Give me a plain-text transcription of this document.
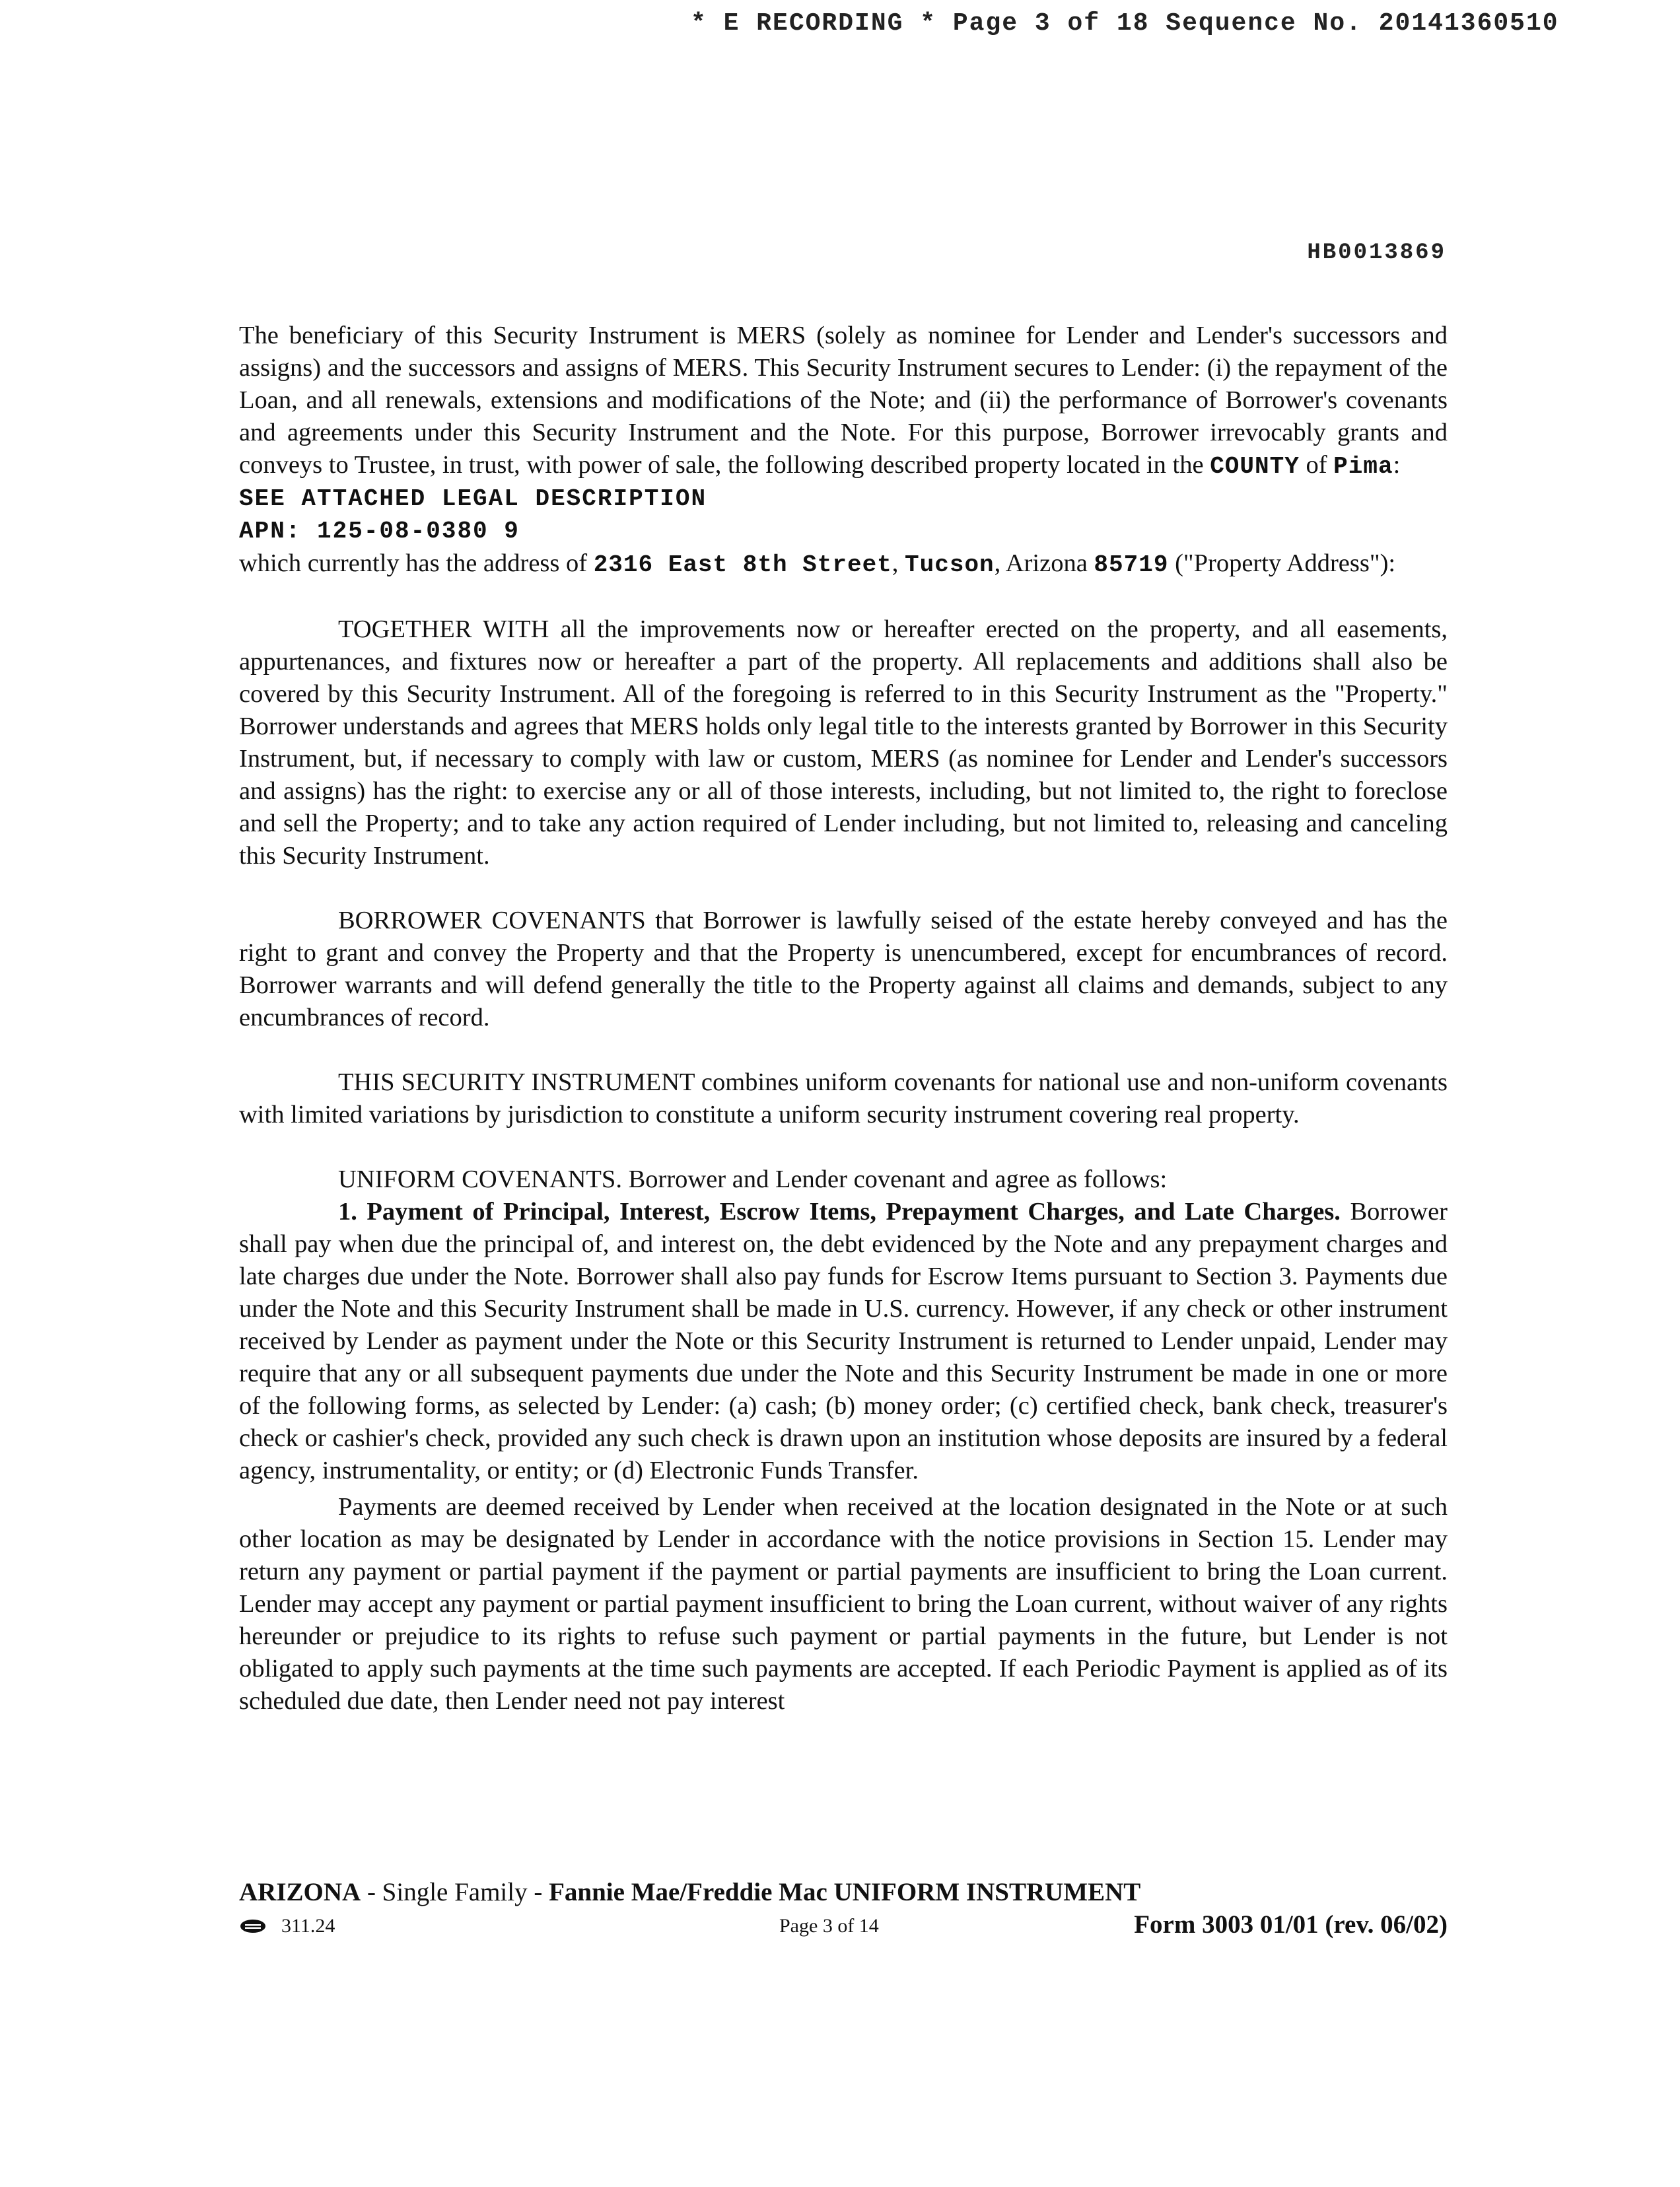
* E RECORDING * Page 3 of 18 Sequence No. 20141360510
HB0013869

The beneficiary of this Security Instrument is MERS (solely as nominee for Lender and Lender's successors and assigns) and the successors and assigns of MERS. This Security Instrument secures to Lender: (i) the repayment of the Loan, and all renewals, extensions and modifications of the Note; and (ii) the performance of Borrower's covenants and agreements under this Security Instrument and the Note. For this purpose, Borrower irrevocably grants and conveys to Trustee, in trust, with power of sale, the following described property located in the COUNTY of Pima:

SEE ATTACHED LEGAL DESCRIPTION

APN: 125-08-0380 9

which currently has the address of 2316 East 8th Street, Tucson, Arizona 85719 ("Property Address"):

TOGETHER WITH all the improvements now or hereafter erected on the property, and all easements, appurtenances, and fixtures now or hereafter a part of the property. All replacements and additions shall also be covered by this Security Instrument. All of the foregoing is referred to in this Security Instrument as the "Property." Borrower understands and agrees that MERS holds only legal title to the interests granted by Borrower in this Security Instrument, but, if necessary to comply with law or custom, MERS (as nominee for Lender and Lender's successors and assigns) has the right: to exercise any or all of those interests, including, but not limited to, the right to foreclose and sell the Property; and to take any action required of Lender including, but not limited to, releasing and canceling this Security Instrument.

BORROWER COVENANTS that Borrower is lawfully seised of the estate hereby conveyed and has the right to grant and convey the Property and that the Property is unencumbered, except for encumbrances of record. Borrower warrants and will defend generally the title to the Property against all claims and demands, subject to any encumbrances of record.

THIS SECURITY INSTRUMENT combines uniform covenants for national use and non-uniform covenants with limited variations by jurisdiction to constitute a uniform security instrument covering real property.

UNIFORM COVENANTS. Borrower and Lender covenant and agree as follows:

1. Payment of Principal, Interest, Escrow Items, Prepayment Charges, and Late Charges. Borrower shall pay when due the principal of, and interest on, the debt evidenced by the Note and any prepayment charges and late charges due under the Note. Borrower shall also pay funds for Escrow Items pursuant to Section 3. Payments due under the Note and this Security Instrument shall be made in U.S. currency. However, if any check or other instrument received by Lender as payment under the Note or this Security Instrument is returned to Lender unpaid, Lender may require that any or all subsequent payments due under the Note and this Security Instrument be made in one or more of the following forms, as selected by Lender: (a) cash; (b) money order; (c) certified check, bank check, treasurer's check or cashier's check, provided any such check is drawn upon an institution whose deposits are insured by a federal agency, instrumentality, or entity; or (d) Electronic Funds Transfer.

Payments are deemed received by Lender when received at the location designated in the Note or at such other location as may be designated by Lender in accordance with the notice provisions in Section 15. Lender may return any payment or partial payment if the payment or partial payments are insufficient to bring the Loan current. Lender may accept any payment or partial payment insufficient to bring the Loan current, without waiver of any rights hereunder or prejudice to its rights to refuse such payment or partial payments in the future, but Lender is not obligated to apply such payments at the time such payments are accepted. If each Periodic Payment is applied as of its scheduled due date, then Lender need not pay interest

ARIZONA - Single Family - Fannie Mae/Freddie Mac UNIFORM INSTRUMENT
311.24	Page 3 of 14	Form 3003 01/01 (rev. 06/02)
